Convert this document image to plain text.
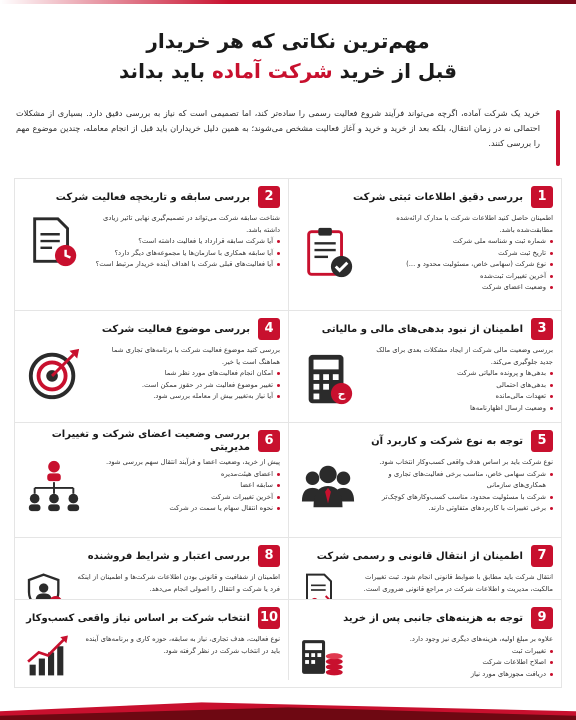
مهم‌ترین نکاتی که هر خریدار
قبل از خرید شرکت آماده باید بداند

خرید یک شرکت آماده، اگرچه می‌تواند فرآیند شروع فعالیت رسمی را ساده‌تر کند، اما تصمیمی است که نیاز به بررسی دقیق دارد. بسیاری از مشکلات احتمالی نه در زمان انتقال، بلکه بعد از خرید و خرید و آغاز فعالیت مشخص می‌شوند؛ به همین دلیل خریداران باید قبل از انجام معامله، چندین موضوع مهم را بررسی کنند.

1
بررسی دقیق اطلاعات ثبتی شرکت
اطمینان حاصل کنید اطلاعات شرکت با مدارک ارائه‌شده مطابقت‌شده باشد.
شماره ثبت و شناسه ملی شرکت
تاریخ ثبت شرکت
نوع شرکت (سهامی خاص، مسئولیت محدود و ...)
آخرین تغییرات ثبت‌شده
وضعیت اعضای شرکت
2
بررسی سابقه و تاریخچه فعالیت شرکت
شناخت سابقه شرکت می‌تواند در تصمیم‌گیری نهایی تاثیر زیادی داشته باشد.
آیا شرکت سابقه قرارداد یا فعالیت داشته است؟
آیا سابقه همکاری با سازمان‌ها یا مجموعه‌های دیگر دارد؟
آیا فعالیت‌های قبلی شرکت با اهداف آینده خریدار مرتبط است؟
3
اطمینان از نبود بدهی‌های مالی و مالیاتی
بررسی وضعیت مالی شرکت از ایجاد مشکلات بعدی برای مالک جدید جلوگیری می‌کند.
بدهی‌ها و پرونده مالیاتی شرکت
بدهی‌های احتمالی
تعهدات مالی‌مانده
وضعیت ارسال اظهارنامه‌ها
ح
4
بررسی موضوع فعالیت شرکت
بررسی کنید موضوع فعالیت شرکت با برنامه‌های تجاری شما هماهنگ است یا خیر.
امکان انجام فعالیت‌های مورد نظر شما
تغییر موضوع فعالیت شر در حقوز ممکن است.
آیا نیاز به‌تغییر بیش از معامله بررسی شود.
5
توجه به نوع شرکت و کاربرد آن
نوع شرکت باید بر اساس هدف واقعی کسب‌وکار انتخاب شود.
شرکت سهامی خاص، مناسب برخی فعالیت‌های تجاری و همکاری‌های سازمانی
شرکت با مسئولیت محدود، مناسب کسب‌وکارهای کوچک‌تر
برخی تغییرات با کاربردهای متفاوتی دارند.
6
بررسی وضعیت اعضای شرکت و تغییرات مدیریتی
پیش از خرید، وضعیت اعضا و فرآیند انتقال سهم بررسی شود.
اعضای هیئت‌مدیره
سابقه اعضا
آخرین تغییرات شرکت
نحوه انتقال سهام یا سمت در شرکت
7
اطمینان از انتقال قانونی و رسمی شرکت
انتقال شرکت باید مطابق با ضوابط قانونی انجام شود. ثبت تغییرات مالکیت، مدیریت و اطلاعات شرکت در مراجع قانونی ضروری است.
8
بررسی اعتبار و شرایط فروشنده
اطمینان از شفافیت و قانونی بودن اطلاعات شرکت‌ها و اطمینان از اینکه فرد یا شرکت و انتقال را اصولی انجام می‌دهد.
9
توجه به هزینه‌های جانبی پس از خرید
علاوه بر مبلغ اولیه، هزینه‌های دیگری نیز وجود دارد.
تغییرات ثبت
اصلاح اطلاعات شرکت
دریافت مجوزهای مورد نیاز
10
انتخاب شرکت بر اساس نیاز واقعی کسب‌وکار
نوع فعالیت، هدف تجاری، نیاز به سابقه، حوزه کاری و برنامه‌های آینده باید در انتخاب شرکت در نظر گرفته شود.
